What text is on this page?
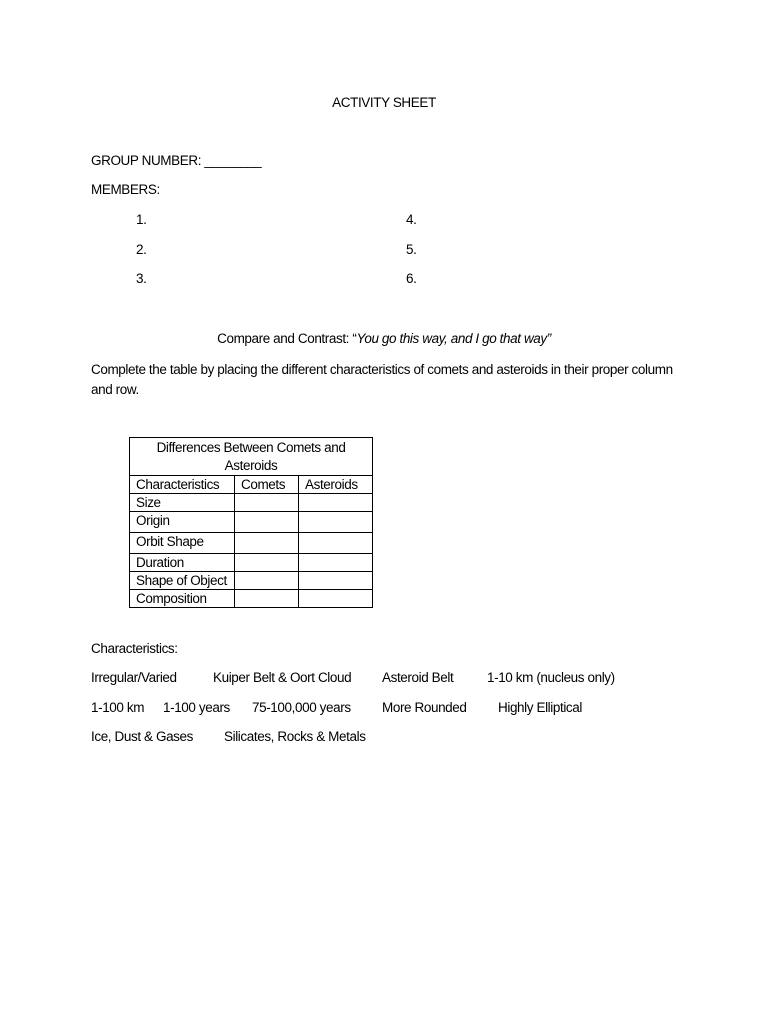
ACTIVITY SHEET
GROUP NUMBER: ________
MEMBERS:
1.
2.
3.
4.
5.
6.
Compare and Contrast: “You go this way, and I go that way”
Complete the table by placing the different characteristics of comets and asteroids in their proper column and row.
Differences Between Comets and Asteroids		
Characteristics	Comets	Asteroids
Size		
Origin		
Orbit Shape		
Duration		
Shape of Object		
Composition		
Characteristics:
Irregular/Varied	Kuiper Belt & Oort Cloud Asteroid Belt 1-10 km (nucleus only)
1-100 km 1-100 years 75-100,000 years More Rounded Highly Elliptical
Ice, Dust & Gases Silicates, Rocks & Metals
